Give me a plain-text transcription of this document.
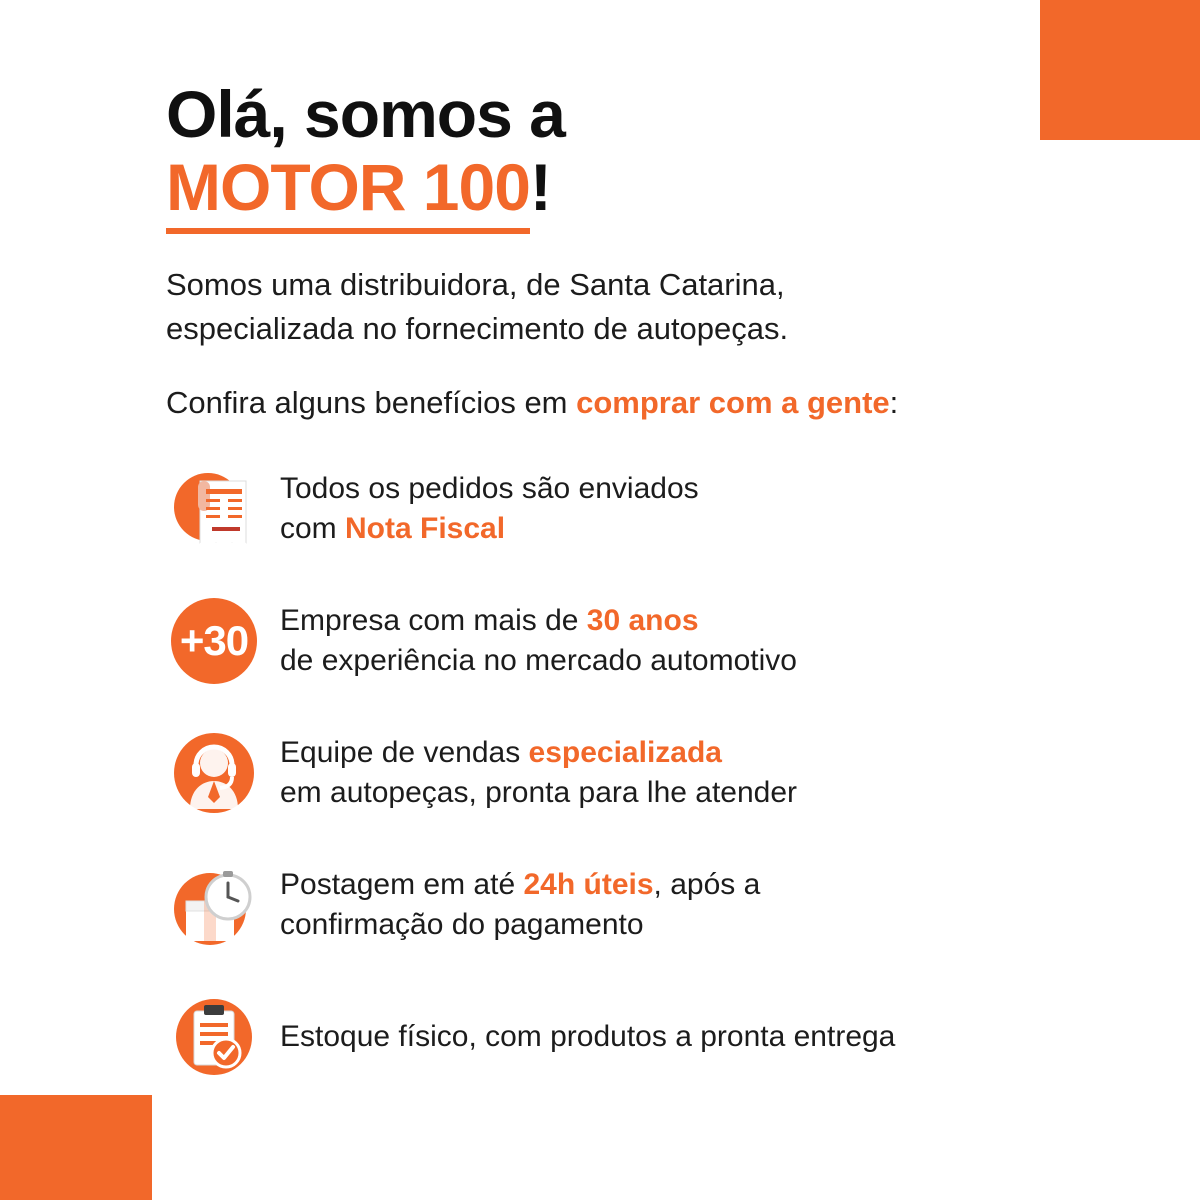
Olá, somos a
MOTOR 100!
Somos uma distribuidora, de Santa Catarina,
especializada no fornecimento de autopeças.
Confira alguns benefícios em comprar com a gente:
Todos os pedidos são enviados
com Nota Fiscal
+30 Empresa com mais de 30 anos
de experiência no mercado automotivo
Equipe de vendas especializada
em autopeças, pronta para lhe atender
Postagem em até 24h úteis, após a
confirmação do pagamento
Estoque físico, com produtos a pronta entrega
